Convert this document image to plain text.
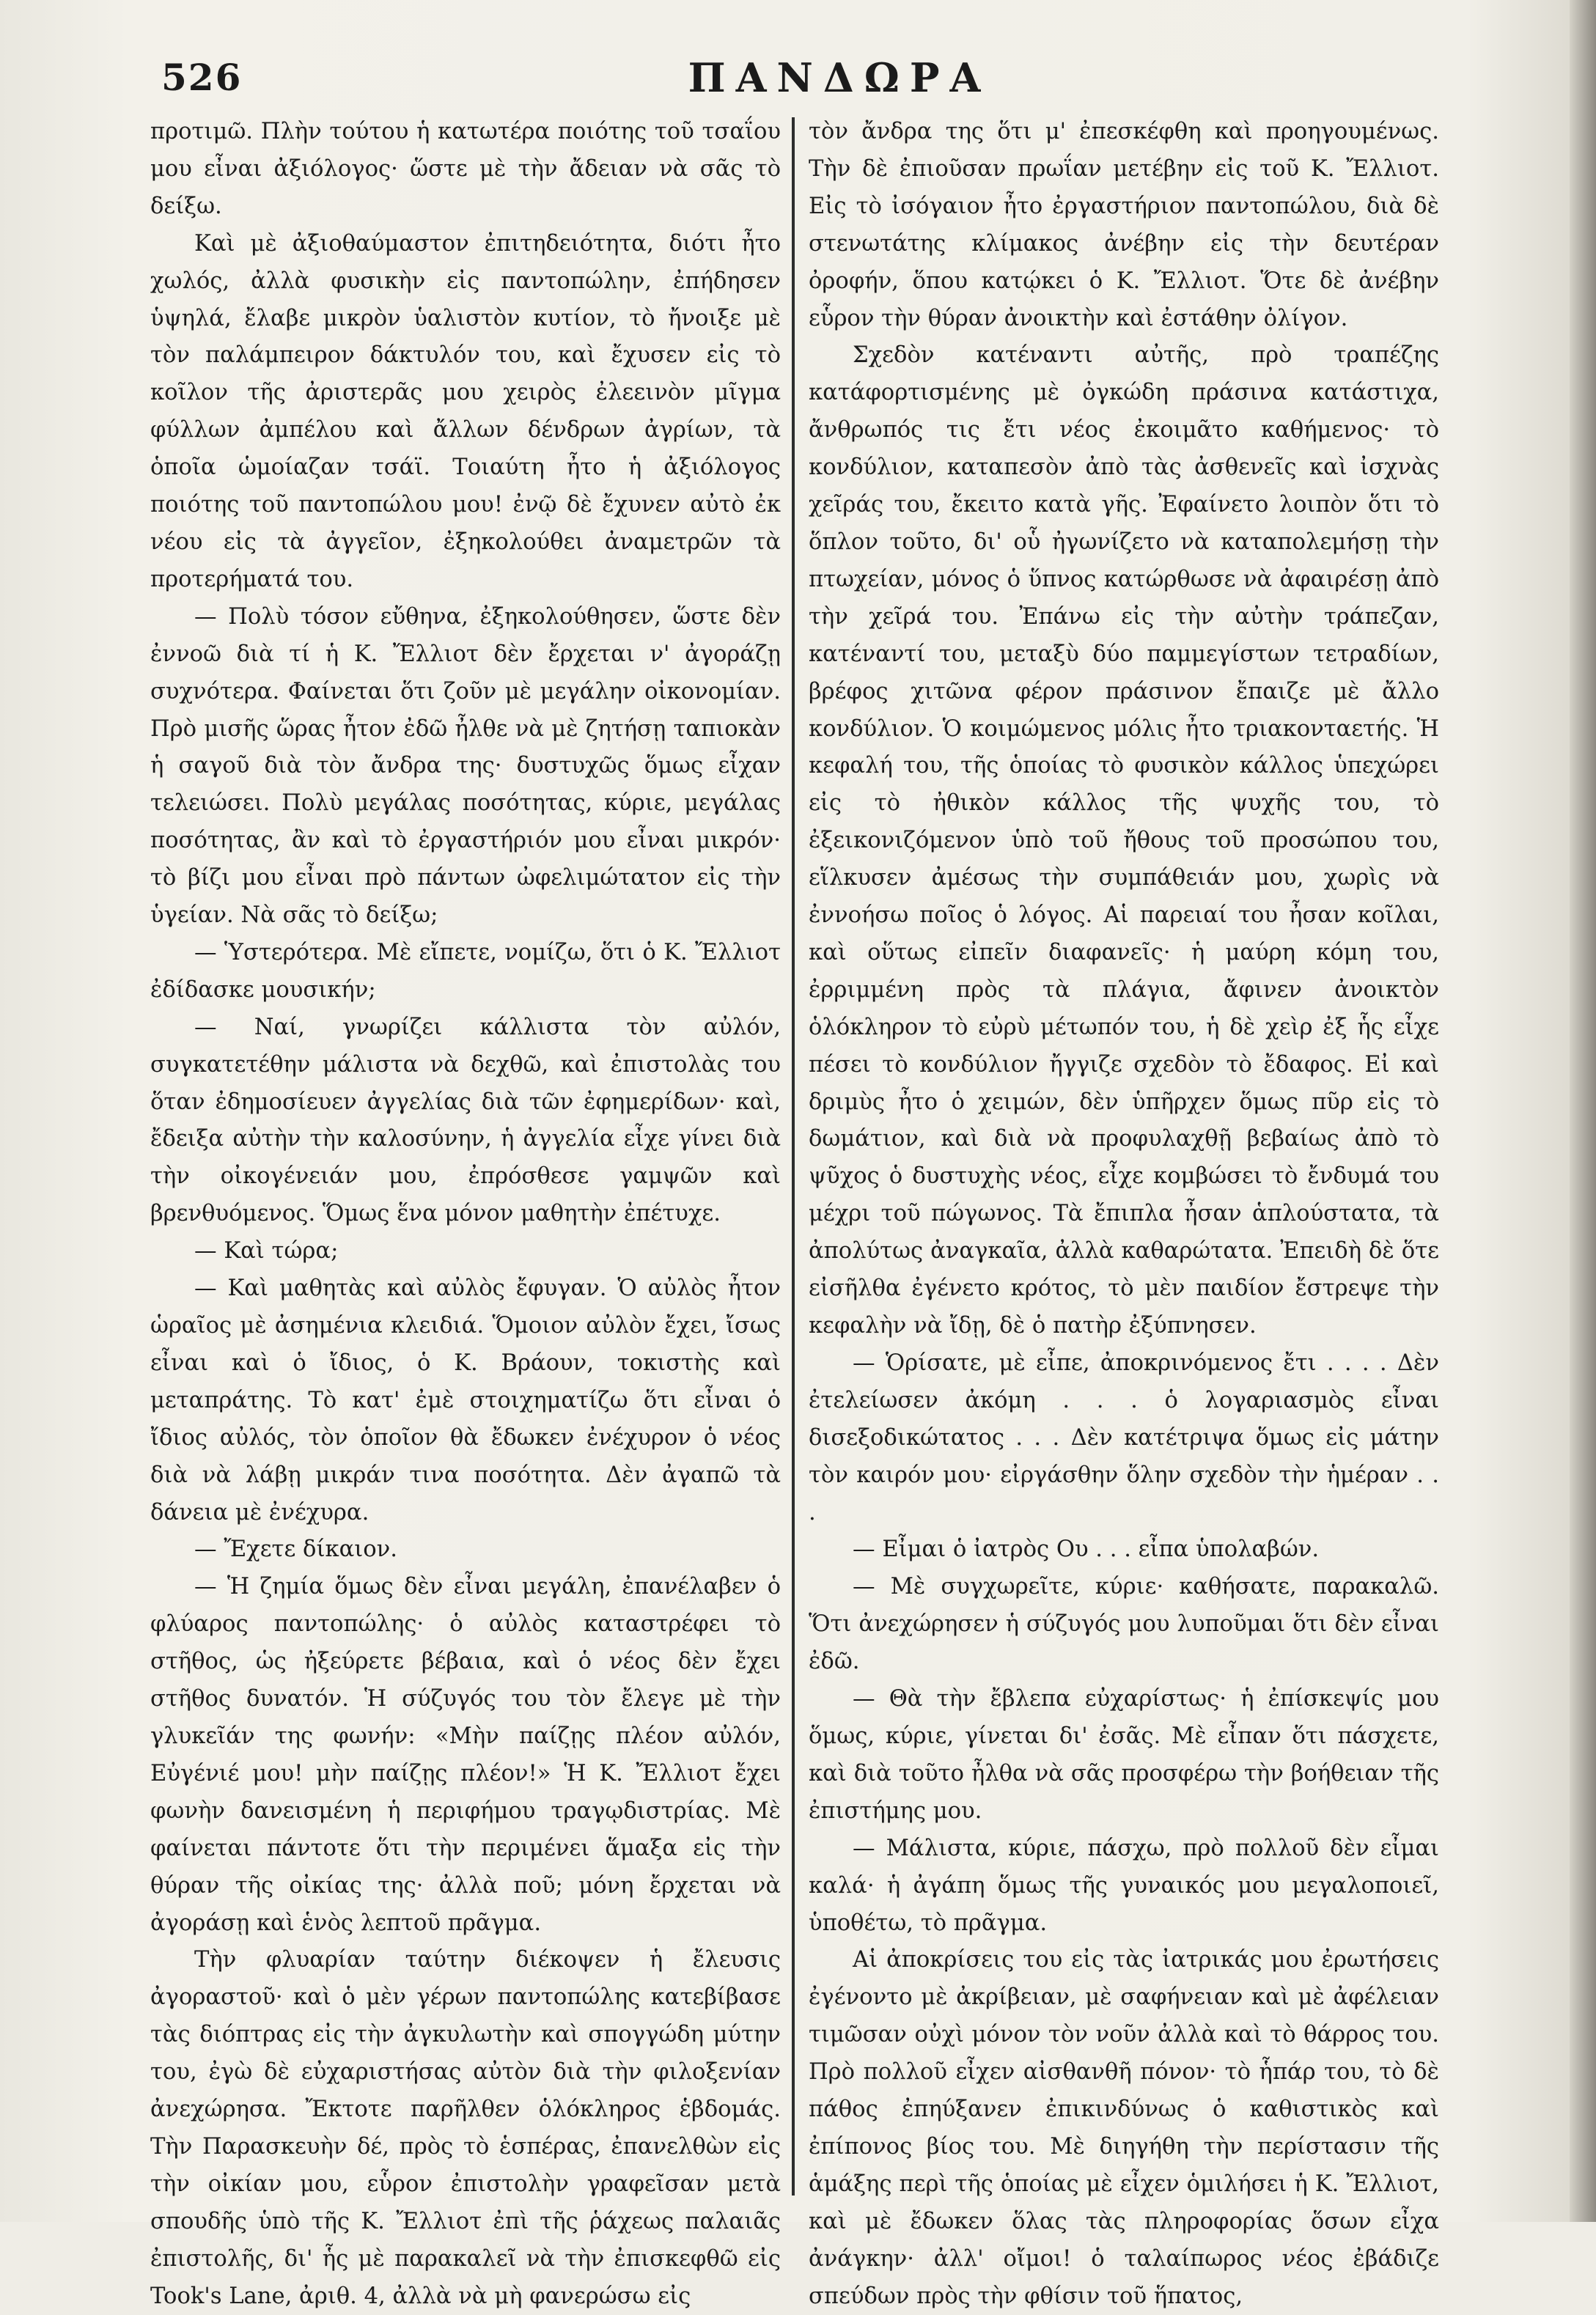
526	ΠΑΝΔΩΡΑ

προτιμῶ. Πλὴν τούτου ἡ κατωτέρα ποιότης τοῦ τσαΐου μου εἶναι ἀξιόλογος· ὥστε μὲ τὴν ἄδειαν νὰ σᾶς τὸ δείξω.

Καὶ μὲ ἀξιοθαύμαστον ἐπιτηδειότητα, διότι ἦτο χωλός, ἀλλὰ φυσικὴν εἰς παντοπώλην, ἐπήδησεν ὑψηλά, ἔλαβε μικρὸν ὑαλιστὸν κυτίον, τὸ ἤνοιξε μὲ τὸν παλάμπειρον δάκτυλόν του, καὶ ἔχυσεν εἰς τὸ κοῖλον τῆς ἀριστερᾶς μου χειρὸς ἐλεεινὸν μῖγμα φύλλων ἀμπέλου καὶ ἄλλων δένδρων ἀγρίων, τὰ ὁποῖα ὡμοίαζαν τσάϊ. Τοιαύτη ἦτο ἡ ἀξιόλογος ποιότης τοῦ παντοπώλου μου! ἐνῷ δὲ ἔχυνεν αὐτὸ ἐκ νέου εἰς τὰ ἀγγεῖον, ἐξηκολούθει ἀναμετρῶν τὰ προτερήματά του.

— Πολὺ τόσον εὔθηνα, ἐξηκολούθησεν, ὥστε δὲν ἐννοῶ διὰ τί ἡ Κ. Ἔλλιοτ δὲν ἔρχεται ν' ἀγοράζῃ συχνότερα. Φαίνεται ὅτι ζοῦν μὲ μεγάλην οἰκονομίαν. Πρὸ μισῆς ὥρας ἦτον ἐδῶ ἦλθε νὰ μὲ ζητήσῃ ταπιοκὰν ἡ σαγοῦ διὰ τὸν ἄνδρα της· δυστυχῶς ὅμως εἶχαν τελειώσει. Πολὺ μεγάλας ποσότητας, κύριε, μεγάλας ποσότητας, ἂν καὶ τὸ ἐργαστήριόν μου εἶναι μικρόν· τὸ βίζι μου εἶναι πρὸ πάντων ὠφελιμώτατον εἰς τὴν ὑγείαν. Νὰ σᾶς τὸ δείξω;

— Ὑστερότερα. Μὲ εἴπετε, νομίζω, ὅτι ὁ Κ. Ἔλλιοτ ἐδίδασκε μουσικήν;

— Ναί, γνωρίζει κάλλιστα τὸν αὐλόν, συγκατετέθην μάλιστα νὰ δεχθῶ, καὶ ἐπιστολὰς του ὅταν ἐδημοσίευεν ἀγγελίας διὰ τῶν ἐφημερίδων· καὶ, ἔδειξα αὐτὴν τὴν καλοσύνην, ἡ ἀγγελία εἶχε γίνει διὰ τὴν οἰκογένειάν μου, ἐπρόσθεσε γαμψῶν καὶ βρενθυόμενος. Ὅμως ἕνα μόνον μαθητὴν ἐπέτυχε.

— Καὶ τώρα;

— Καὶ μαθητὰς καὶ αὐλὸς ἔφυγαν. Ὁ αὐλὸς ἦτον ὡραῖος μὲ ἀσημένια κλειδιά. Ὅμοιον αὐλὸν ἔχει, ἴσως εἶναι καὶ ὁ ἴδιος, ὁ Κ. Βράουν, τοκιστὴς καὶ μεταπράτης. Τὸ κατ' ἐμὲ στοιχηματίζω ὅτι εἶναι ὁ ἴδιος αὐλός, τὸν ὁποῖον θὰ ἔδωκεν ἐνέχυρον ὁ νέος διὰ νὰ λάβῃ μικράν τινα ποσότητα. Δὲν ἀγαπῶ τὰ δάνεια μὲ ἐνέχυρα.

— Ἔχετε δίκαιον.

— Ἡ ζημία ὅμως δὲν εἶναι μεγάλη, ἐπανέλαβεν ὁ φλύαρος παντοπώλης· ὁ αὐλὸς καταστρέφει τὸ στῆθος, ὡς ἠξεύρετε βέβαια, καὶ ὁ νέος δὲν ἔχει στῆθος δυνατόν. Ἡ σύζυγός του τὸν ἔλεγε μὲ τὴν γλυκεῖάν της φωνήν: «Μὴν παίζῃς πλέον αὐλόν, Εὐγένιέ μου! μὴν παίζῃς πλέον!» Ἡ Κ. Ἔλλιοτ ἔχει φωνὴν δανεισμένη ἡ περιφήμου τραγῳδιστρίας. Μὲ φαίνεται πάντοτε ὅτι τὴν περιμένει ἅμαξα εἰς τὴν θύραν τῆς οἰκίας της· ἀλλὰ ποῦ; μόνη ἔρχεται νὰ ἀγοράσῃ καὶ ἑνὸς λεπτοῦ πρᾶγμα.

Τὴν φλυαρίαν ταύτην διέκοψεν ἡ ἔλευσις ἀγοραστοῦ· καὶ ὁ μὲν γέρων παντοπώλης κατεβίβασε τὰς διόπτρας εἰς τὴν ἀγκυλωτὴν καὶ σπογγώδη μύτην του, ἐγὼ δὲ εὐχαριστήσας αὐτὸν διὰ τὴν φιλοξενίαν ἀνεχώρησα. Ἔκτοτε παρῆλθεν ὁλόκληρος ἑβδομάς. Τὴν Παρασκευὴν δέ, πρὸς τὸ ἑσπέρας, ἐπανελθὼν εἰς τὴν οἰκίαν μου, εὗρον ἐπιστολὴν γραφεῖσαν μετὰ σπουδῆς ὑπὸ τῆς Κ. Ἔλλιοτ ἐπὶ τῆς ῥάχεως παλαιᾶς ἐπιστολῆς, δι' ἧς μὲ παρακαλεῖ νὰ τὴν ἐπισκεφθῶ εἰς Took's Lane, ἀριθ. 4, ἀλλὰ νὰ μὴ φανερώσω εἰς

τὸν ἄνδρα της ὅτι μ' ἐπεσκέφθη καὶ προηγουμένως. Τὴν δὲ ἐπιοῦσαν πρωΐαν μετέβην εἰς τοῦ Κ. Ἔλλιοτ. Εἰς τὸ ἰσόγαιον ἦτο ἐργαστήριον παντοπώλου, διὰ δὲ στενωτάτης κλίμακος ἀνέβην εἰς τὴν δευτέραν ὀροφήν, ὅπου κατῴκει ὁ Κ. Ἔλλιοτ. Ὅτε δὲ ἀνέβην εὗρον τὴν θύραν ἀνοικτὴν καὶ ἐστάθην ὀλίγον.

Σχεδὸν κατέναντι αὐτῆς, πρὸ τραπέζης κατάφορτισμένης μὲ ὀγκώδη πράσινα κατάστιχα, ἄνθρωπός τις ἔτι νέος ἐκοιμᾶτο καθήμενος· τὸ κονδύλιον, καταπεσὸν ἀπὸ τὰς ἀσθενεῖς καὶ ἰσχνὰς χεῖράς του, ἔκειτο κατὰ γῆς. Ἐφαίνετο λοιπὸν ὅτι τὸ ὅπλον τοῦτο, δι' οὗ ἠγωνίζετο νὰ καταπολεμήσῃ τὴν πτωχείαν, μόνος ὁ ὕπνος κατώρθωσε νὰ ἀφαιρέσῃ ἀπὸ τὴν χεῖρά του. Ἐπάνω εἰς τὴν αὐτὴν τράπεζαν, κατέναντί του, μεταξὺ δύο παμμεγίστων τετραδίων, βρέφος χιτῶνα φέρον πράσινον ἔπαιζε μὲ ἄλλο κονδύλιον. Ὁ κοιμώμενος μόλις ἦτο τριακονταετής. Ἡ κεφαλή του, τῆς ὁποίας τὸ φυσικὸν κάλλος ὑπεχώρει εἰς τὸ ἠθικὸν κάλλος τῆς ψυχῆς του, τὸ ἐξεικονιζόμενον ὑπὸ τοῦ ἤθους τοῦ προσώπου του, εἵλκυσεν ἀμέσως τὴν συμπάθειάν μου, χωρὶς νὰ ἐννοήσω ποῖος ὁ λόγος. Αἱ παρειαί του ἦσαν κοῖλαι, καὶ οὕτως εἰπεῖν διαφανεῖς· ἡ μαύρη κόμη του, ἐρριμμένη πρὸς τὰ πλάγια, ἄφινεν ἀνοικτὸν ὁλόκληρον τὸ εὐρὺ μέτωπόν του, ἡ δὲ χεὶρ ἐξ ἧς εἶχε πέσει τὸ κονδύλιον ἤγγιζε σχεδὸν τὸ ἔδαφος. Εἰ καὶ δριμὺς ἦτο ὁ χειμών, δὲν ὑπῆρχεν ὅμως πῦρ εἰς τὸ δωμάτιον, καὶ διὰ νὰ προφυλαχθῇ βεβαίως ἀπὸ τὸ ψῦχος ὁ δυστυχὴς νέος, εἶχε κομβώσει τὸ ἔνδυμά του μέχρι τοῦ πώγωνος. Τὰ ἔπιπλα ἦσαν ἁπλούστατα, τὰ ἀπολύτως ἀναγκαῖα, ἀλλὰ καθαρώτατα. Ἐπειδὴ δὲ ὅτε εἰσῆλθα ἐγένετο κρότος, τὸ μὲν παιδίον ἔστρεψε τὴν κεφαλὴν νὰ ἴδῃ, δὲ ὁ πατὴρ ἐξύπνησεν.

— Ὁρίσατε, μὲ εἶπε, ἀποκρινόμενος ἔτι . . . . Δὲν ἐτελείωσεν ἀκόμη . . . ὁ λογαριασμὸς εἶναι δισεξοδικώτατος . . . Δὲν κατέτριψα ὅμως εἰς μάτην τὸν καιρόν μου· εἰργάσθην ὅλην σχεδὸν τὴν ἡμέραν . . .

— Εἶμαι ὁ ἰατρὸς Ου . . . εἶπα ὑπολαβών.

— Μὲ συγχωρεῖτε, κύριε· καθήσατε, παρακαλῶ. Ὅτι ἀνεχώρησεν ἡ σύζυγός μου λυποῦμαι ὅτι δὲν εἶναι ἐδῶ.

— Θὰ τὴν ἔβλεπα εὐχαρίστως· ἡ ἐπίσκεψίς μου ὅμως, κύριε, γίνεται δι' ἐσᾶς. Μὲ εἶπαν ὅτι πάσχετε, καὶ διὰ τοῦτο ἦλθα νὰ σᾶς προσφέρω τὴν βοήθειαν τῆς ἐπιστήμης μου.

— Μάλιστα, κύριε, πάσχω, πρὸ πολλοῦ δὲν εἶμαι καλά· ἡ ἀγάπη ὅμως τῆς γυναικός μου μεγαλοποιεῖ, ὑποθέτω, τὸ πρᾶγμα.

Αἱ ἀποκρίσεις του εἰς τὰς ἰατρικάς μου ἐρωτήσεις ἐγένοντο μὲ ἀκρίβειαν, μὲ σαφήνειαν καὶ μὲ ἀφέλειαν τιμῶσαν οὐχὶ μόνον τὸν νοῦν ἀλλὰ καὶ τὸ θάρρος του. Πρὸ πολλοῦ εἶχεν αἰσθανθῆ πόνον· τὸ ἧπάρ του, τὸ δὲ πάθος ἐπηύξανεν ἐπικινδύνως ὁ καθιστικὸς καὶ ἐπίπονος βίος του. Μὲ διηγήθη τὴν περίστασιν τῆς ἁμάξης περὶ τῆς ὁποίας μὲ εἶχεν ὁμιλήσει ἡ Κ. Ἔλλιοτ, καὶ μὲ ἔδωκεν ὅλας τὰς πληροφορίας ὅσων εἶχα ἀνάγκην· ἀλλ' οἴμοι! ὁ ταλαίπωρος νέος ἐβάδιζε σπεύδων πρὸς τὴν φθίσιν τοῦ ἥπατος,
